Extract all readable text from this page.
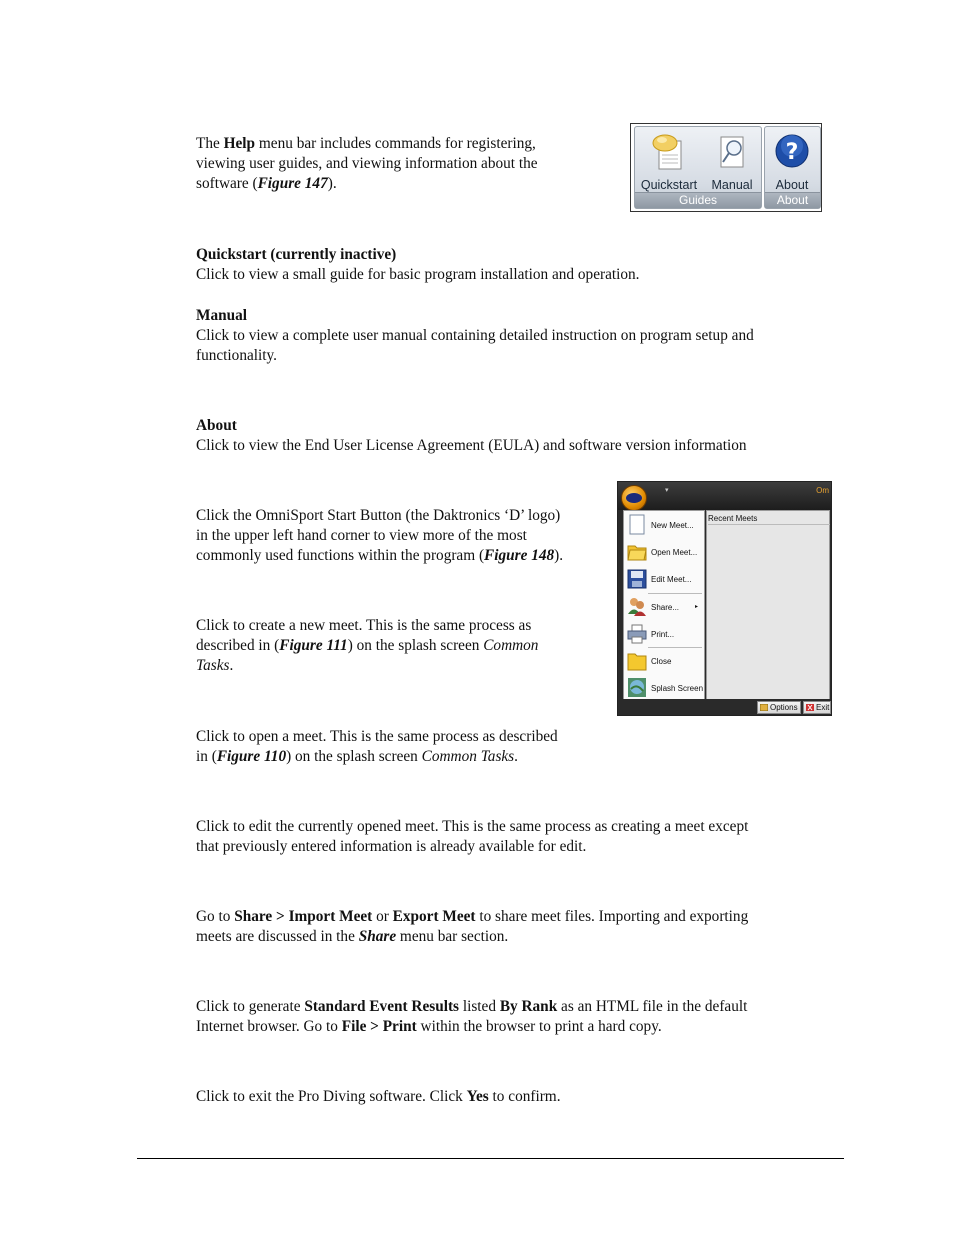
The Help menu bar includes commands for registering,
viewing user guides, and viewing information about the
software (Figure 147).	Quickstart	Manual
Guides
?
About
About

Quickstart (currently inactive)
Click to view a small guide for basic program installation and operation.

Manual
Click to view a complete user manual containing detailed instruction on program setup and
functionality.

About
Click to view the End User License Agreement (EULA) and software version information

Click the OmniSport Start Button (the Daktronics ‘D’ logo)
in the upper left hand corner to view more of the most
commonly used functions within the program (Figure 148).

▾	Om
New Meet...
Open Meet...
Edit Meet...
Share...	▸
Print...
Close
Splash Screen
Recent Meets
Options	Exit

Click to create a new meet. This is the same process as
described in (Figure 111) on the splash screen Common
Tasks.

Click to open a meet. This is the same process as described
in (Figure 110) on the splash screen Common Tasks.

Click to edit the currently opened meet. This is the same process as creating a meet except
that previously entered information is already available for edit.

Go to Share > Import Meet or Export Meet to share meet files. Importing and exporting
meets are discussed in the Share menu bar section.

Click to generate Standard Event Results listed By Rank as an HTML file in the default
Internet browser. Go to File > Print within the browser to print a hard copy.

Click to exit the Pro Diving software. Click Yes to confirm.
